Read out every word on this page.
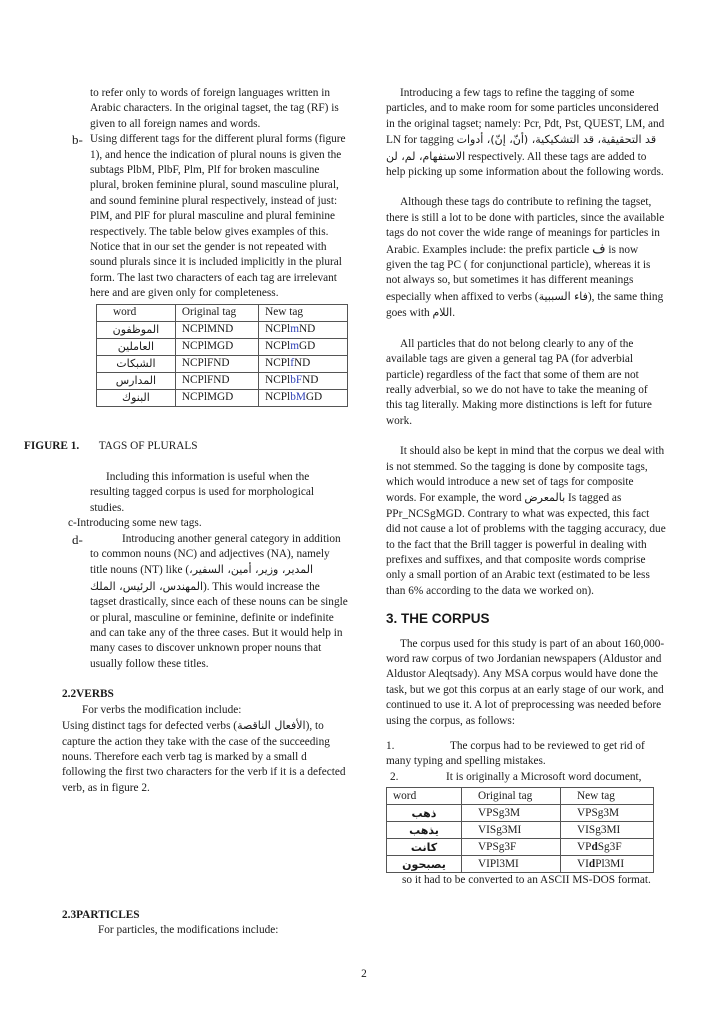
to refer only to words of foreign languages written in Arabic characters. In the original tagset, the tag (RF) is given to all foreign names and words.

b- Using different tags for the different plural forms (figure 1), and hence the indication of plural nouns is given the subtags PlbM, PlbF, Plm, Plf for broken masculine plural, broken feminine plural, sound masculine plural, and sound feminine plural respectively, instead of just: PlM, and PlF for plural masculine and plural feminine respectively. The table below gives examples of this. Notice that in our set the gender is not repeated with sound plurals since it is included implicitly in the plural form. The last two characters of each tag are irrelevant here and are given only for completeness.

word	Original tag	New tag
الموظفون	NCPlMND	NCPlmND
العاملين	NCPlMGD	NCPlmGD
الشبكات	NCPlFND	NCPlfND
المدارس	NCPlFND	NCPlbFND
البنوك	NCPlMGD	NCPlbMGD
FIGURE 1. TAGS OF PLURALS

Including this information is useful when the resulting tagged corpus is used for morphological studies.

c-Introducing some new tags.

d-	Introducing another general category in addition to common nouns (NC) and adjectives (NA), namely title nouns (NT) like (المدير، وزير، أمين، السفير، المهندس، الرئيس، الملك). This would increase the tagset drastically, since each of these nouns can be single or plural, masculine or feminine, definite or indefinite and can take any of the three cases. But it would help in many cases to discover unknown proper nouns that usually follow these titles.

2.2VERBS

For verbs the modification include:

Using distinct tags for defected verbs (الأفعال الناقصة), to capture the action they take with the case of the succeeding nouns. Therefore each verb tag is marked by a small d following the first two characters for the verb if it is a defected verb, as in figure 2.

2.3PARTICLES

For particles, the modifications include:

Introducing a few tags to refine the tagging of some particles, and to make room for some particles unconsidered in the original tagset; namely: Pcr, Pdt, Pst, QUEST, LM, and LN for tagging قد التحقيقية، قد التشكيكية، (أنّ، إنّ)، أدوات الاستفهام، لم، لن respectively. All these tags are added to help picking up some information about the following words.

Although these tags do contribute to refining the tagset, there is still a lot to be done with particles, since the available tags do not cover the wide range of meanings for particles in Arabic. Examples include: the prefix particle ف is now given the tag PC ( for conjunctional particle), whereas it is not always so, but sometimes it has different meanings especially when affixed to verbs (فاء السببية), the same thing goes with اللام.

All particles that do not belong clearly to any of the available tags are given a general tag PA (for adverbial particle) regardless of the fact that some of them are not really adverbial, so we do not have to take the meaning of this tag literally. Making more distinctions is left for future work.

It should also be kept in mind that the corpus we deal with is not stemmed. So the tagging is done by composite tags, which would introduce a new set of tags for composite words. For example, the word بالمعرض Is tagged as PPr_NCSgMGD. Contrary to what was expected, this fact did not cause a lot of problems with the tagging accuracy, due to the fact that the Brill tagger is powerful in dealing with prefixes and suffixes, and that composite words comprise only a small portion of an Arabic text (estimated to be less than 6% according to the data we worked on).

3. THE CORPUS

The corpus used for this study is part of an about 160,000-word raw corpus of two Jordanian newspapers (Aldustor and Aldustor Aleqtsady). Any MSA corpus would have done the task, but we got this corpus at an early stage of our work, and continued to use it. A lot of preprocessing was needed before using the corpus, as follows:

1.	The corpus had to be reviewed to get rid of many typing and spelling mistakes.

2.	It is originally a Microsoft word document,

word	Original tag	New tag
ذهب	VPSg3M	VPSg3M
يذهب	VISg3MI	VISg3MI
كانت	VPSg3F	VPdSg3F
يصبحون	VIPl3MI	VIdPl3MI

so it had to be converted to an ASCII MS-DOS format.

2
